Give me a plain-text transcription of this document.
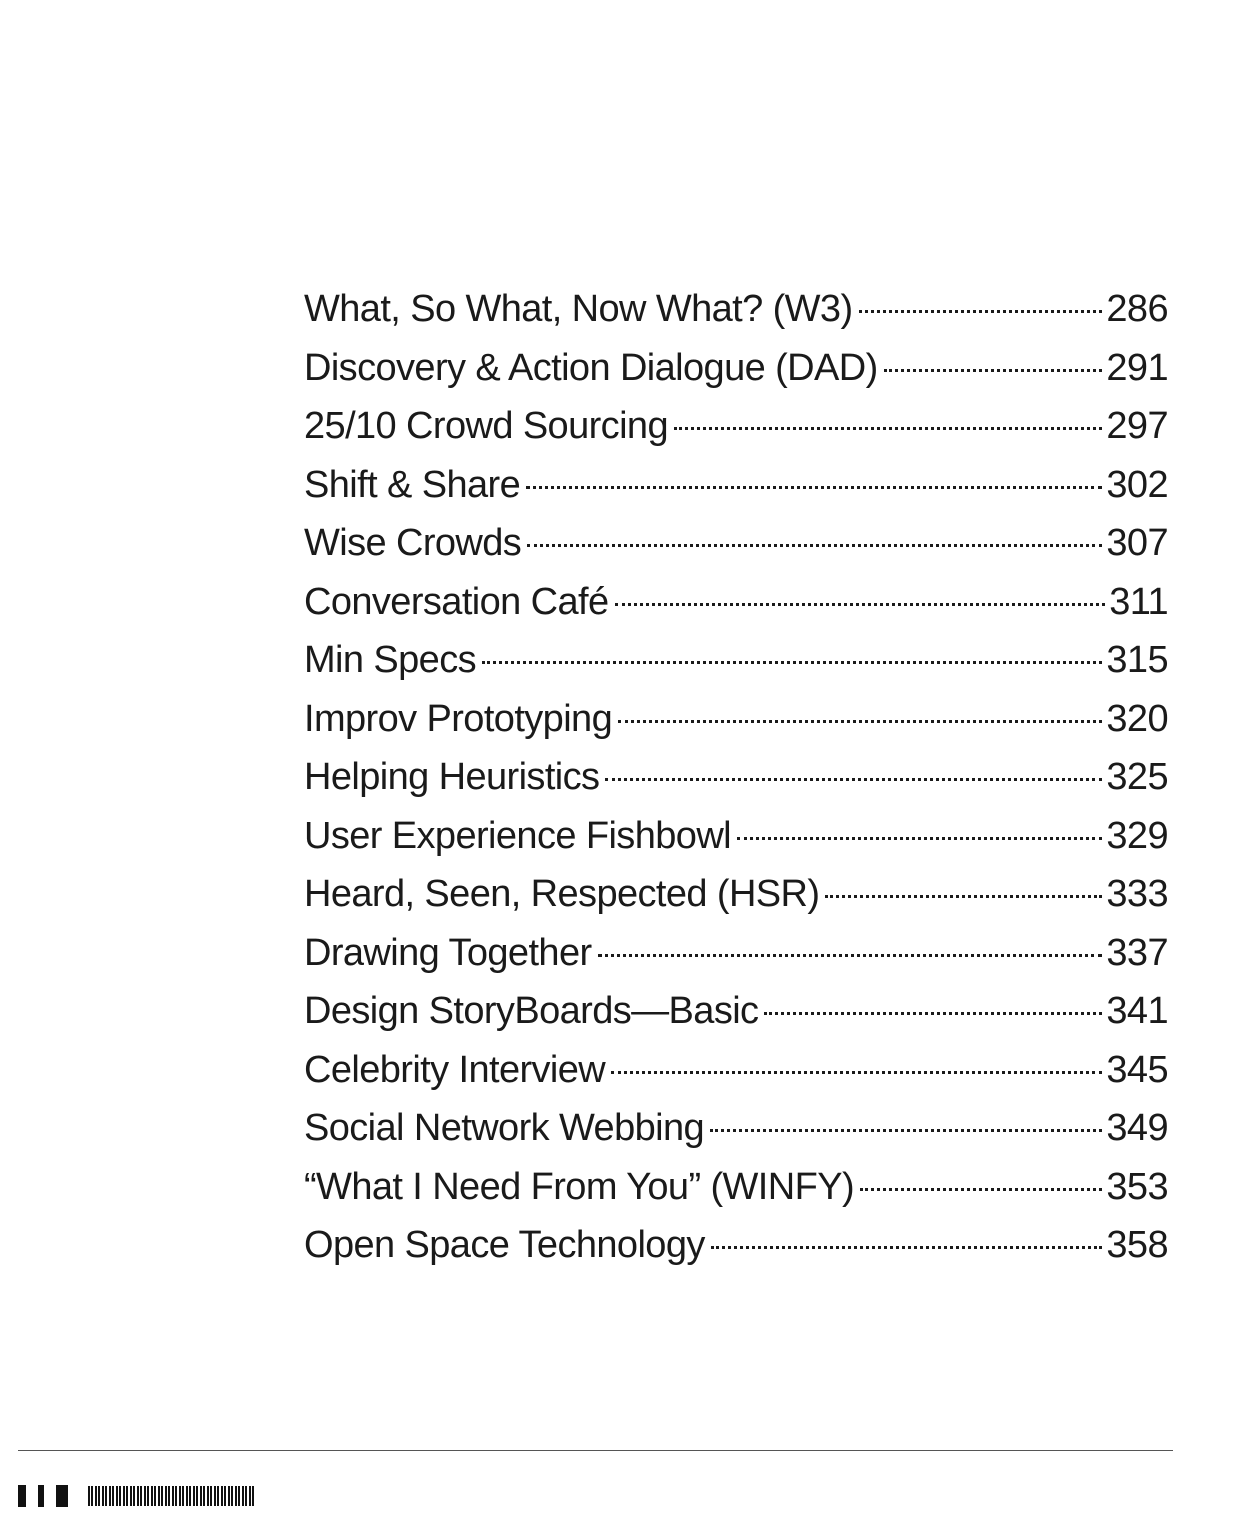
What, So What, Now What? (W3)	286
Discovery & Action Dialogue (DAD)	291
25/10 Crowd Sourcing	297
Shift & Share	302
Wise Crowds	307
Conversation Café	311
Min Specs	315
Improv Prototyping	320
Helping Heuristics	325
User Experience Fishbowl	329
Heard, Seen, Respected (HSR)	333
Drawing Together	337
Design StoryBoards—Basic	341
Celebrity Interview	345
Social Network Webbing	349
“What I Need From You” (WINFY)	353
Open Space Technology	358
